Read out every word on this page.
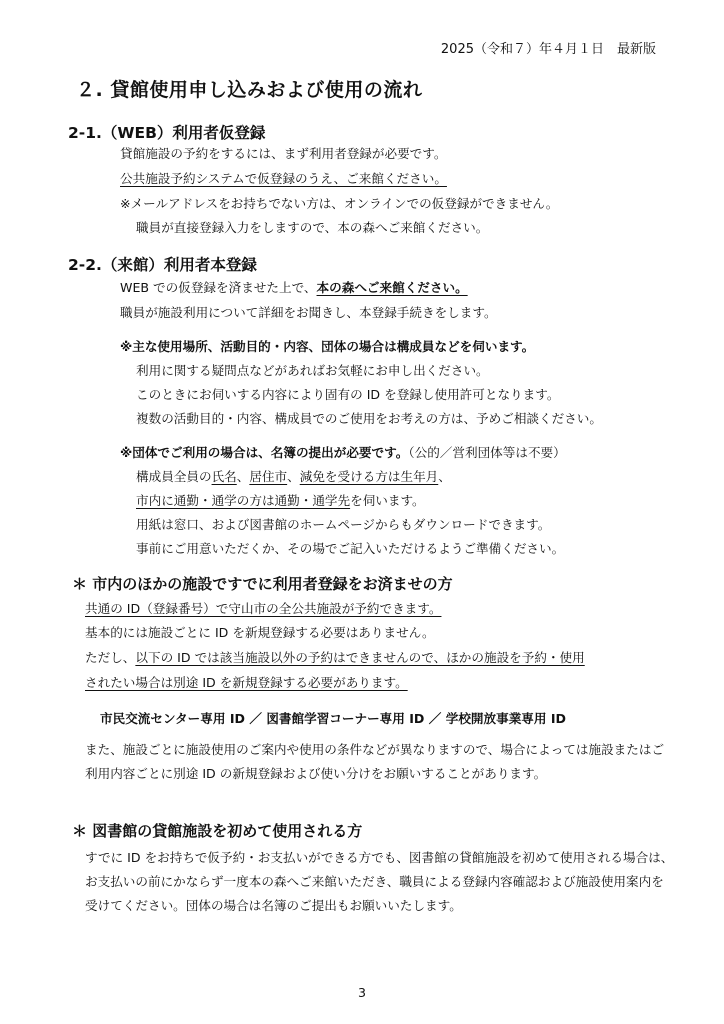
2025（令和７）年４月１日　最新版
２. 貸館使用申し込みおよび使用の流れ
2-1.（WEB）利用者仮登録
貸館施設の予約をするには、まず利用者登録が必要です。
公共施設予約システムで仮登録のうえ、ご来館ください。
※メールアドレスをお持ちでない方は、オンラインでの仮登録ができません。
職員が直接登録入力をしますので、本の森へご来館ください。
2-2.（来館）利用者本登録
WEB での仮登録を済ませた上で、本の森へご来館ください。
職員が施設利用について詳細をお聞きし、本登録手続きをします。
※主な使用場所、活動目的・内容、団体の場合は構成員などを伺います。
利用に関する疑問点などがあればお気軽にお申し出ください。
このときにお伺いする内容により固有の ID を登録し使用許可となります。
複数の活動目的・内容、構成員でのご使用をお考えの方は、予めご相談ください。
※団体でご利用の場合は、名簿の提出が必要です。（公的／営利団体等は不要）
構成員全員の氏名、居住市、減免を受ける方は生年月、
市内に通勤・通学の方は通勤・通学先を伺います。
用紙は窓口、および図書館のホームページからもダウンロードできます。
事前にご用意いただくか、その場でご記入いただけるようご準備ください。
＊ 市内のほかの施設ですでに利用者登録をお済ませの方
共通の ID（登録番号）で守山市の全公共施設が予約できます。
基本的には施設ごとに ID を新規登録する必要はありません。
ただし、以下の ID では該当施設以外の予約はできませんので、ほかの施設を予約・使用
されたい場合は別途 ID を新規登録する必要があります。
市民交流センター専用 ID ／ 図書館学習コーナー専用 ID ／ 学校開放事業専用 ID
また、施設ごとに施設使用のご案内や使用の条件などが異なりますので、場合によっては施設またはご利用内容ごとに別途 ID の新規登録および使い分けをお願いすることがあります。
＊ 図書館の貸館施設を初めて使用される方
すでに ID をお持ちで仮予約・お支払いができる方でも、図書館の貸館施設を初めて使用される場合は、お支払いの前にかならず一度本の森へご来館いただき、職員による登録内容確認および施設使用案内を受けてください。団体の場合は名簿のご提出もお願いいたします。
3
